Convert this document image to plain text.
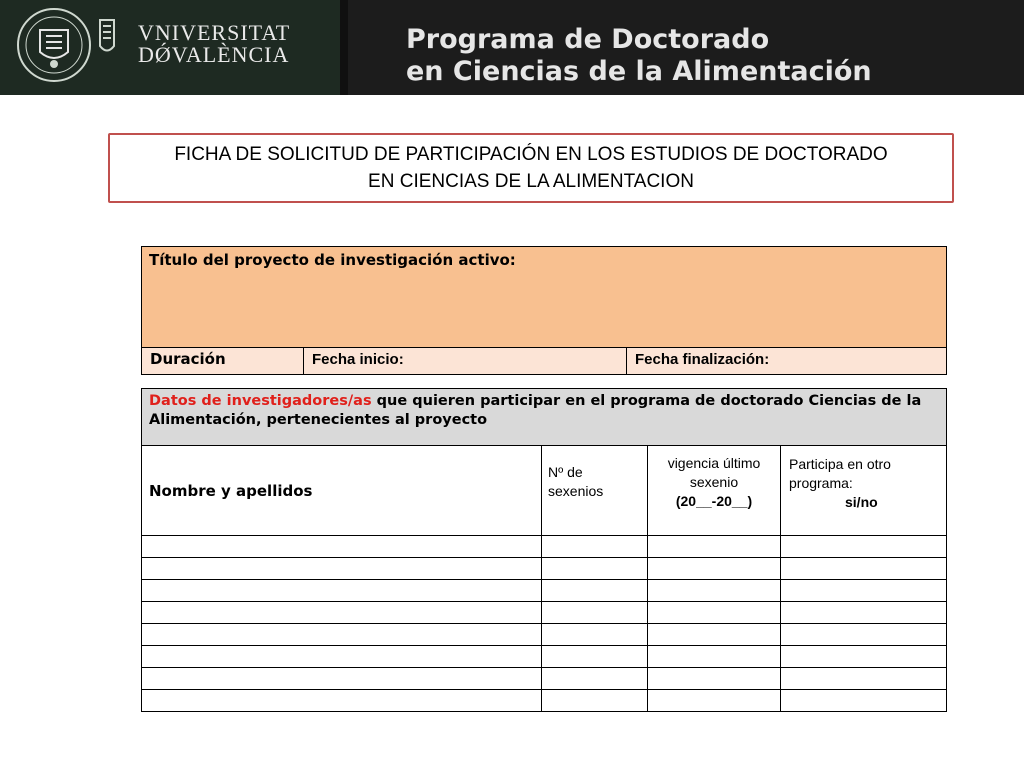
VNIVERSITAT
DǾVALÈNCIA	Programa de Doctorado
en Ciencias de la Alimentación
FICHA DE SOLICITUD DE PARTICIPACIÓN EN LOS ESTUDIOS DE DOCTORADO
EN CIENCIAS DE LA ALIMENTACION
Título del proyecto de investigación activo:
Duración	Fecha inicio:	Fecha finalización:
Datos de investigadores/as que quieren participar en el programa de doctorado Ciencias de la Alimentación, pertenecientes al proyecto			
Nombre y apellidos	Nº de sexenios	vigencia último
sexenio
(20__-20__)	Participa en otro
programa:
si/no
